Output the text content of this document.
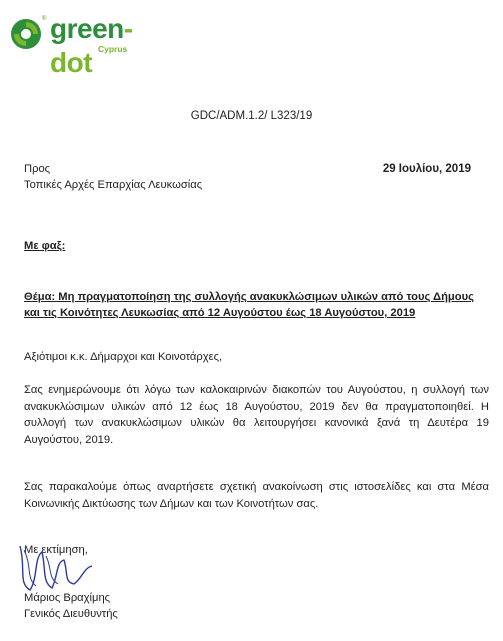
® green-dot Cyprus
GDC/ADM.1.2/ L323/19
Προς	29 Ιουλίου, 2019
Τοπικές Αρχές Επαρχίας Λευκωσίας
Με φαξ:
Θέμα: Μη πραγματοποίηση της συλλογής ανακυκλώσιμων υλικών από τους Δήμους
και τις Κοινότητες Λευκωσίας από 12 Αυγούστου έως 18 Αυγούστου, 2019
Αξιότιμοι κ.κ. Δήμαρχοι και Κοινοτάρχες,
Σας ενημερώνουμε ότι λόγω των καλοκαιρινών διακοπών του Αυγούστου, η συλλογή των ανακυκλώσιμων υλικών από 12 έως 18 Αυγούστου, 2019 δεν θα πραγματοποιηθεί. Η συλλογή των ανακυκλώσιμων υλικών θα λειτουργήσει κανονικά ξανά τη Δευτέρα 19 Αυγούστου, 2019.
Σας παρακαλούμε όπως αναρτήσετε σχετική ανακοίνωση στις ιστοσελίδες και στα Μέσα Κοινωνικής Δικτύωσης των Δήμων και των Κοινοτήτων σας.
Με εκτίμηση,
Μάριος Βραχίμης
Γενικός Διευθυντής
